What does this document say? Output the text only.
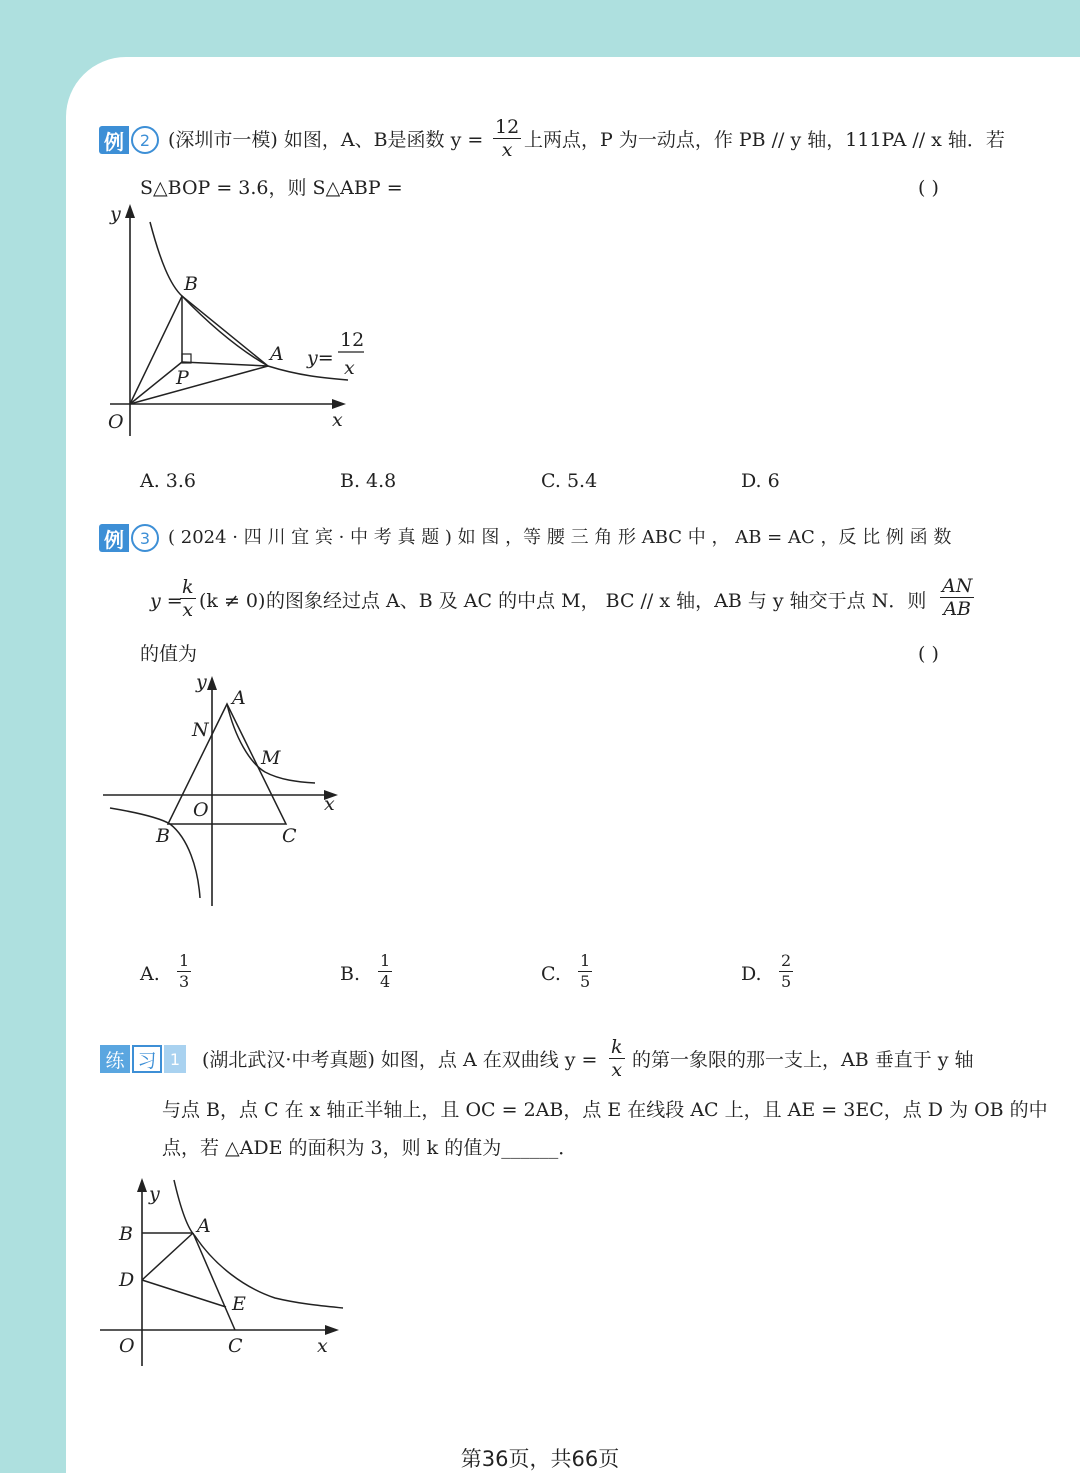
例 2 (深圳市一模) 如图，A、B是函数 $y = \frac{12}{x}$ 上两点，P 为一动点，作 PB // y 轴，111PA // x 轴．若
S△BOP = 3.6，则 S△ABP =	( )
y
x
O
B
A
P
y=
12
x
A. 3.6	B. 4.8	C. 5.4	D. 6
例 3 ( 2024 · 四 川 宜 宾 · 中 考 真 题 ) 如 图 ，等 腰 三 角 形 ABC 中 ， AB = AC ，反 比 例 函 数
y =
$\frac{k}{x} (k \ne 0)$ 的图象经过点 A、B 及 AC 的中点 M， BC // x 轴，AB 与 y 轴交于点 N．则 $\frac{AN}{AB}$
的值为	( )
y
x
O
A
N
M
B	C
A. $\frac{1}{3}$	B. $\frac{1}{4}$	C. $\frac{1}{5}$	D. $\frac{2}{5}$
练 习 1	(湖北武汉·中考真题) 如图，点 A 在双曲线 $y = \frac{k}{x}$ 的第一象限的那一支上，AB 垂直于 y 轴
与点 B，点 C 在 x 轴正半轴上，且 OC = 2AB，点 E 在线段 AC 上，且 AE = 3EC，点 D 为 OB 的中
点，若 △ADE 的面积为 3，则 k 的值为______．
y
x
O
B	A
D
E
C
第36页，共66页
